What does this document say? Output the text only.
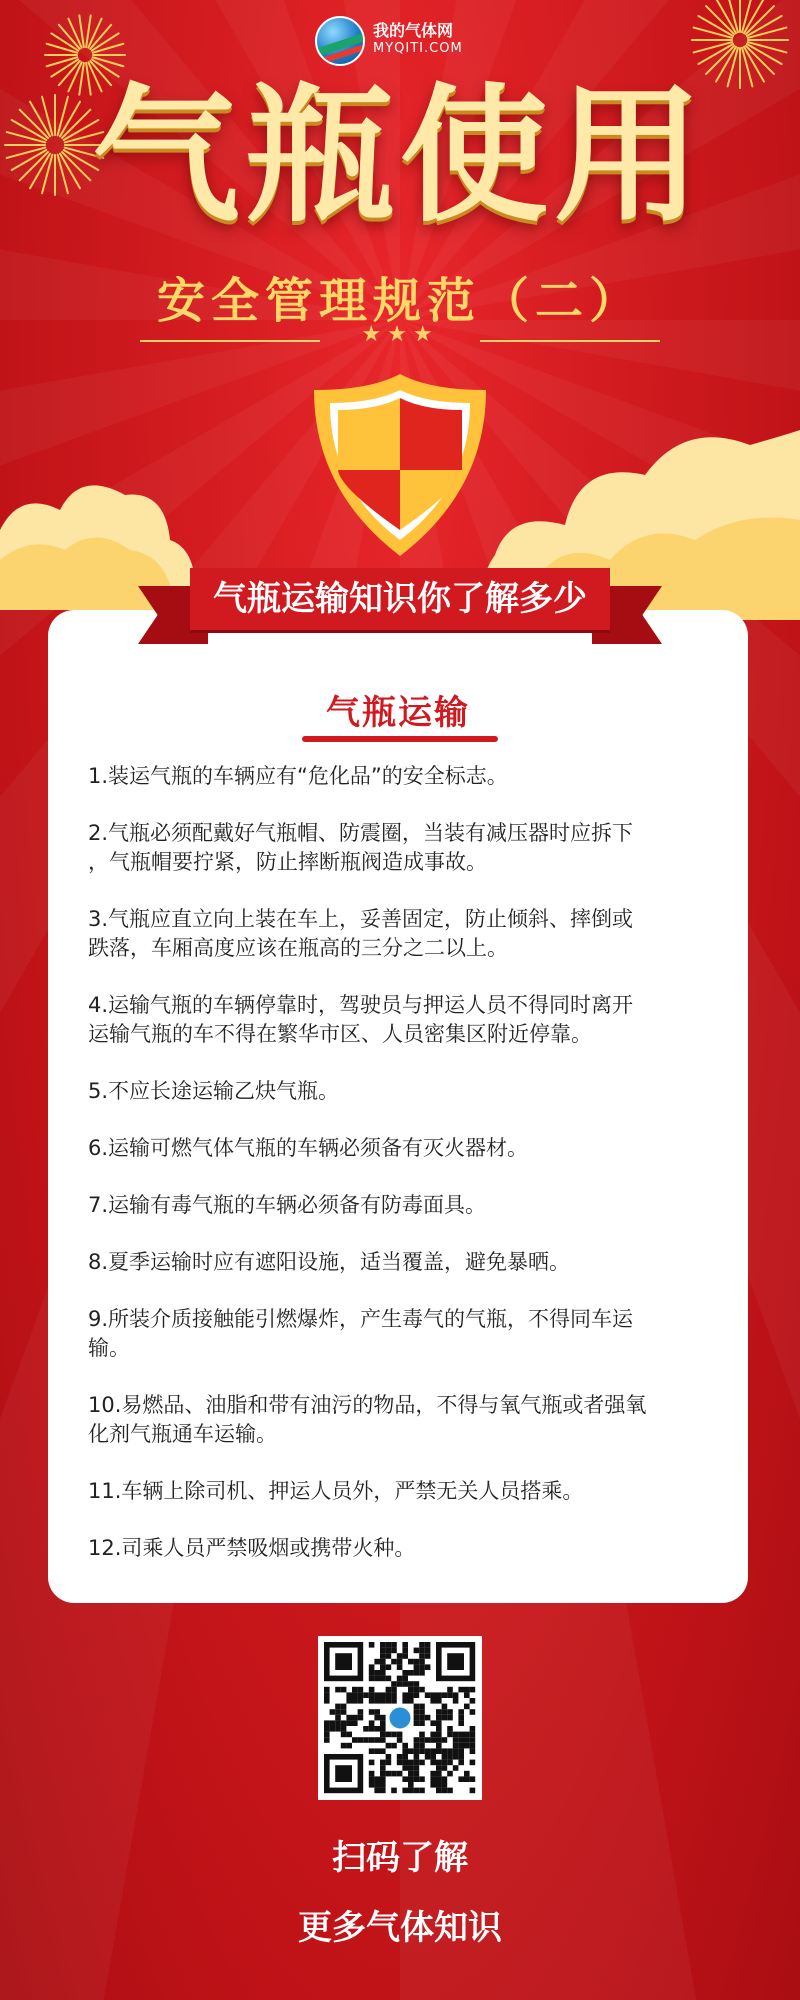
我的气体网
MYQITI.COM
气瓶使用
安全管理规范（二）
★★★
气瓶运输知识你了解多少
气瓶运输
1.装运气瓶的车辆应有“危化品”的安全标志。
2.气瓶必须配戴好气瓶帽、防震圈，当装有减压器时应拆下
，气瓶帽要拧紧，防止摔断瓶阀造成事故。
3.气瓶应直立向上装在车上，妥善固定，防止倾斜、摔倒或
跌落，车厢高度应该在瓶高的三分之二以上。
4.运输气瓶的车辆停靠时，驾驶员与押运人员不得同时离开
运输气瓶的车不得在繁华市区、人员密集区附近停靠。
5.不应长途运输乙炔气瓶。
6.运输可燃气体气瓶的车辆必须备有灭火器材。
7.运输有毒气瓶的车辆必须备有防毒面具。
8.夏季运输时应有遮阳设施，适当覆盖，避免暴晒。
9.所装介质接触能引燃爆炸，产生毒气的气瓶，不得同车运
输。
10.易燃品、油脂和带有油污的物品，不得与氧气瓶或者强氧
化剂气瓶通车运输。
11.车辆上除司机、押运人员外，严禁无关人员搭乘。
12.司乘人员严禁吸烟或携带火种。
扫码了解
更多气体知识
